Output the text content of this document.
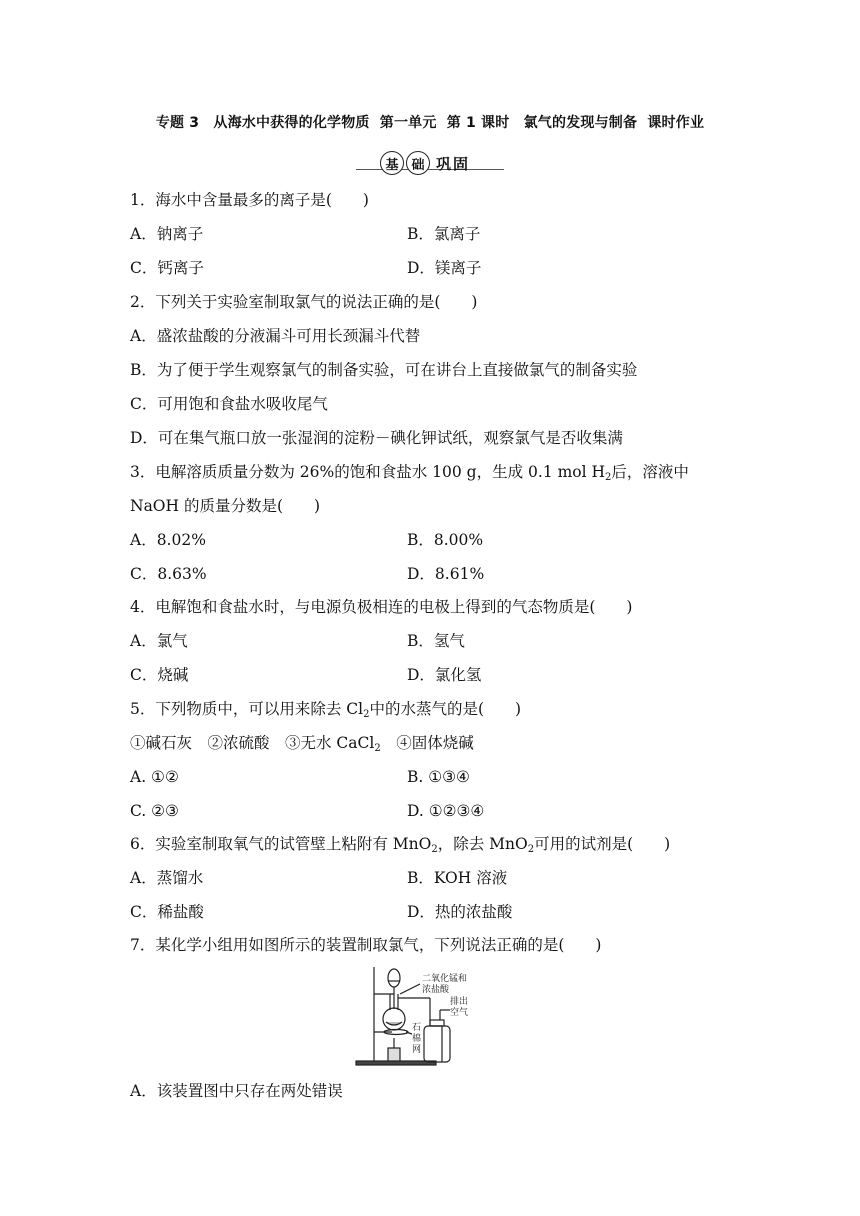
专题 3　从海水中获得的化学物质  第一单元  第 1 课时　氯气的发现与制备  课时作业
基 础 巩固
1．海水中含量最多的离子是(　　)
A．钠离子	B．氯离子
C．钙离子	D．镁离子
2．下列关于实验室制取氯气的说法正确的是(　　)
A．盛浓盐酸的分液漏斗可用长颈漏斗代替
B．为了便于学生观察氯气的制备实验，可在讲台上直接做氯气的制备实验
C．可用饱和食盐水吸收尾气
D．可在集气瓶口放一张湿润的淀粉－碘化钾试纸，观察氯气是否收集满
3．电解溶质质量分数为 26%的饱和食盐水 100 g，生成 0.1 mol $H_2$后，溶液中
NaOH 的质量分数是(　　)
A．8.02%	B．8.00%
C．8.63%	D．8.61%
4．电解饱和食盐水时，与电源负极相连的电极上得到的气态物质是(　　)
A．氯气	B．氢气
C．烧碱	D．氯化氢
5．下列物质中，可以用来除去 $Cl_2$中的水蒸气的是(　　)
①碱石灰　②浓硫酸　③无水 CaCl$_2$　④固体烧碱
A. ①②	B. ①③④
C. ②③	D. ①②③④
6．实验室制取氧气的试管壁上粘附有 MnO$_2$，除去 MnO$_2$可用的试剂是(　　)
A．蒸馏水	B．KOH 溶液
C．稀盐酸	D．热的浓盐酸
7．某化学小组用如图所示的装置制取氯气，下列说法正确的是(　　)
二氧化锰和
浓盐酸
排出
空气
石
棉
网
A．该装置图中只存在两处错误
